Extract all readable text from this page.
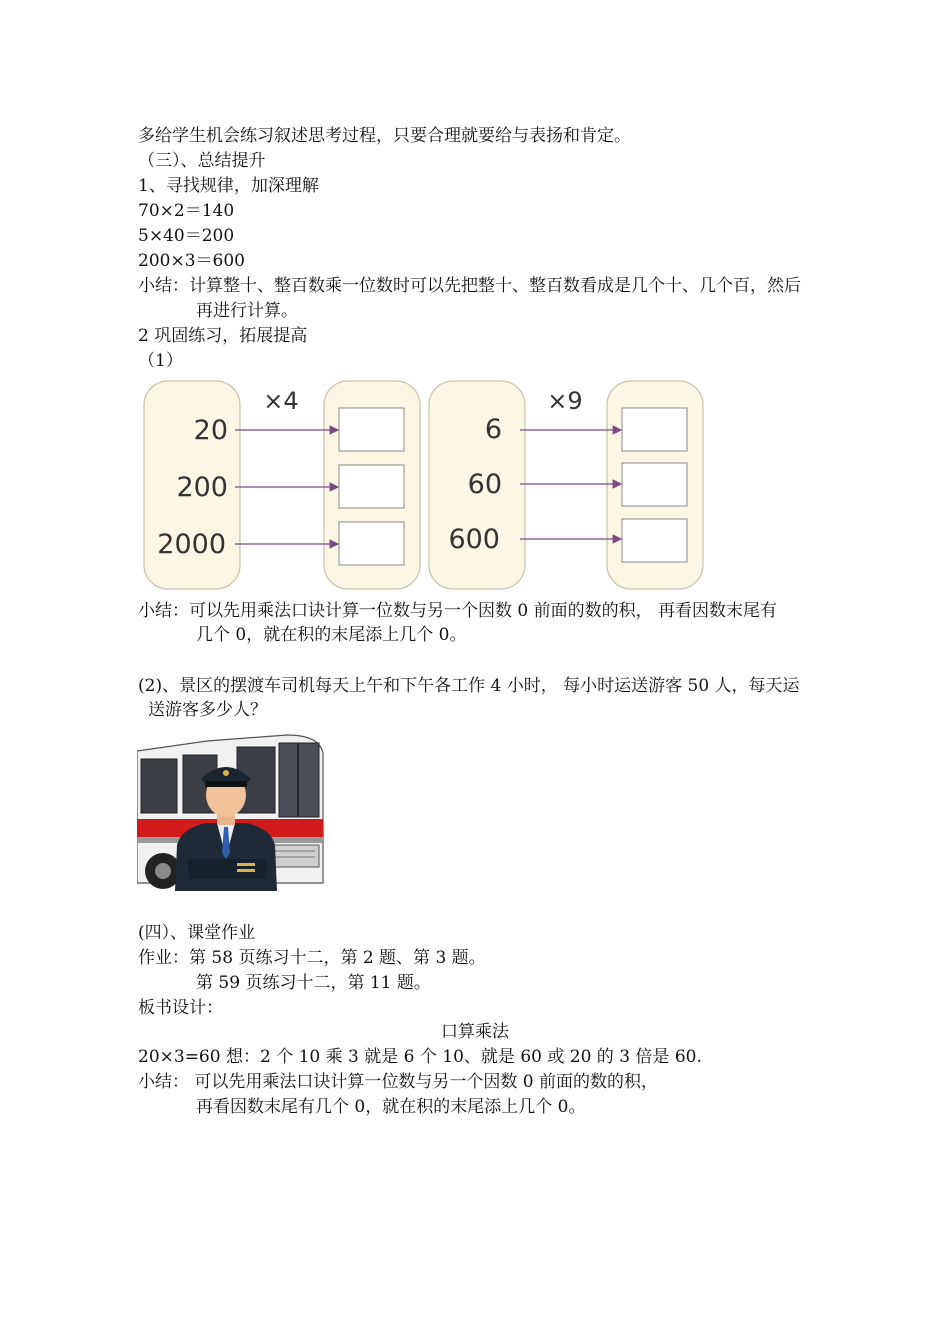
多给学生机会练习叙述思考过程，只要合理就要给与表扬和肯定。
（三）、总结提升
1、寻找规律，加深理解
70×2＝140
5×40＝200
200×3＝600
小结：计算整十、整百数乘一位数时可以先把整十、整百数看成是几个十、几个百，然后
再进行计算。
2 巩固练习，拓展提高
（1）
×4
20
200
2000
×9
6
60
600
小结：可以先用乘法口诀计算一位数与另一个因数 0 前面的数的积， 再看因数末尾有
几个 0，就在积的末尾添上几个 0。
(2)、景区的摆渡车司机每天上午和下午各工作 4 小时， 每小时运送游客 50 人，每天运
送游客多少人？
(四）、课堂作业
作业：第 58 页练习十二，第 2 题、第 3 题。
第 59 页练习十二，第 11 题。
板书设计：
口算乘法
20×3=60 想：2 个 10 乘 3 就是 6 个 10、就是 60 或 20 的 3 倍是 60.
小结： 可以先用乘法口诀计算一位数与另一个因数 0 前面的数的积，
再看因数末尾有几个 0，就在积的末尾添上几个 0。
